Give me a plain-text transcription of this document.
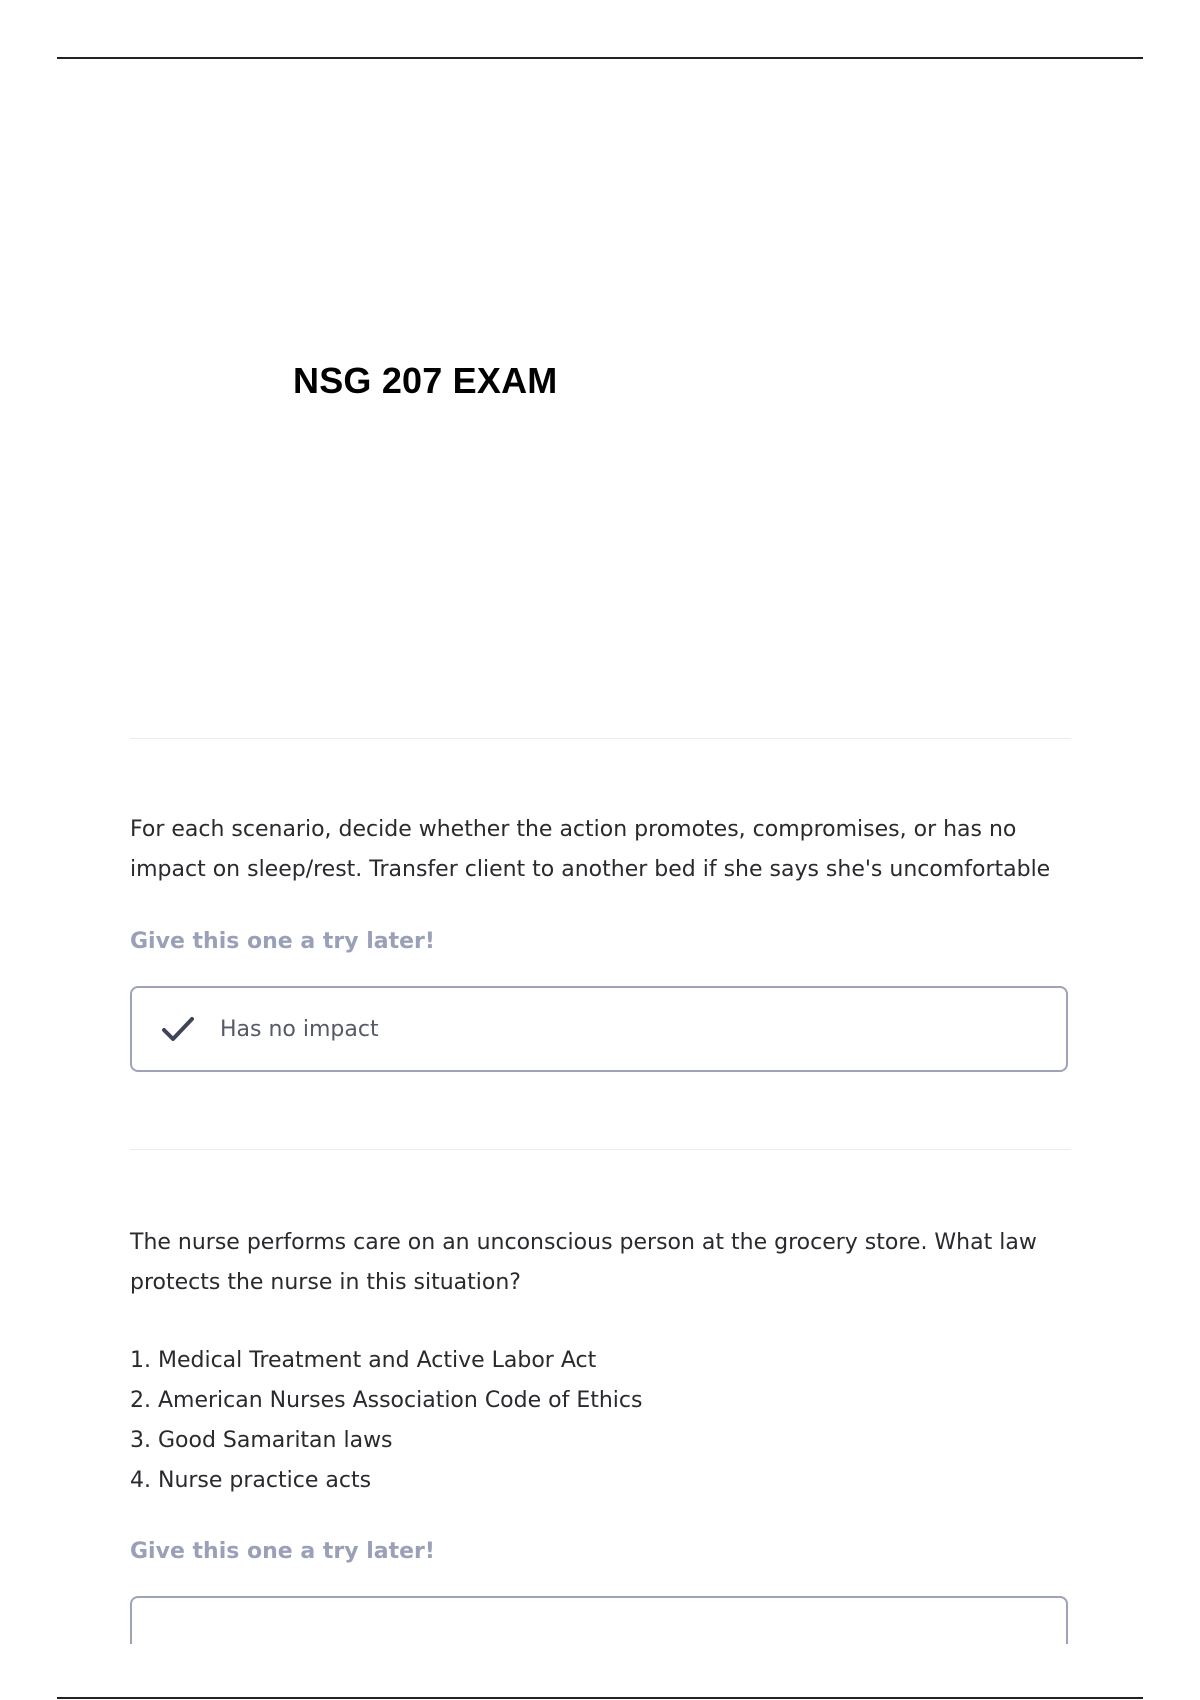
NSG 207 EXAM
For each scenario, decide whether the action promotes, compromises, or has no
impact on sleep/rest. Transfer client to another bed if she says she's uncomfortable
Give this one a try later!
Has no impact
The nurse performs care on an unconscious person at the grocery store. What law
protects the nurse in this situation?
1. Medical Treatment and Active Labor Act
2. American Nurses Association Code of Ethics
3. Good Samaritan laws
4. Nurse practice acts
Give this one a try later!
